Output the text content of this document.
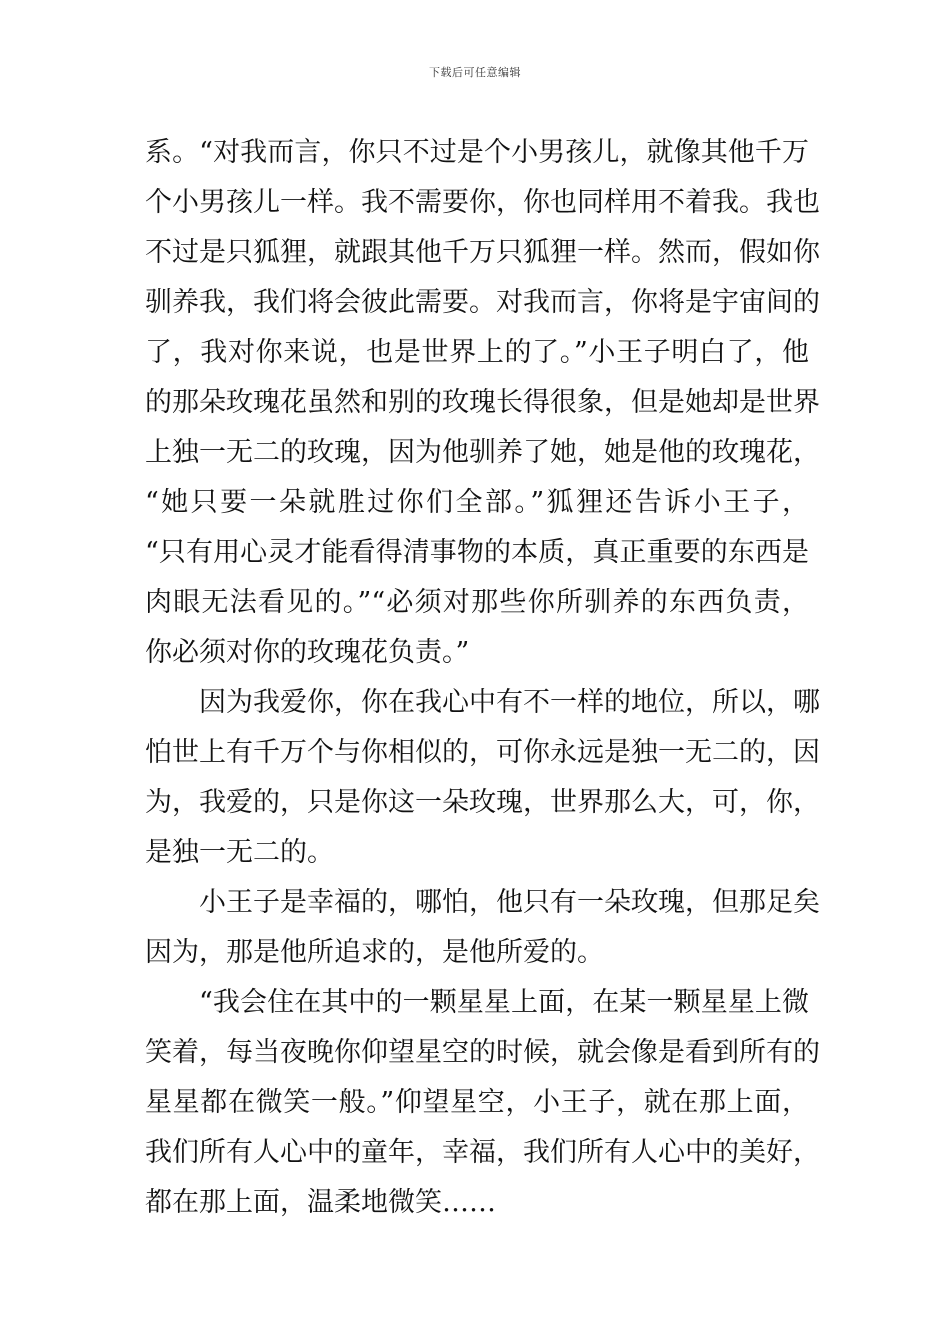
下载后可任意编辑
系。“对我而言，你只不过是个小男孩儿，就像其他千万
个小男孩儿一样。我不需要你，你也同样用不着我。我也
不过是只狐狸，就跟其他千万只狐狸一样。然而，假如你
驯养我，我们将会彼此需要。对我而言，你将是宇宙间的
了，我对你来说，也是世界上的了。”小王子明白了，他
的那朵玫瑰花虽然和别的玫瑰长得很象，但是她却是世界
上独一无二的玫瑰，因为他驯养了她，她是他的玫瑰花，
“她只要一朵就胜过你们全部。”狐狸还告诉小王子，
“只有用心灵才能看得清事物的本质，真正重要的东西是
肉眼无法看见的。”“必须对那些你所驯养的东西负责，
你必须对你的玫瑰花负责。”
因为我爱你，你在我心中有不一样的地位，所以，哪
怕世上有千万个与你相似的，可你永远是独一无二的，因
为，我爱的，只是你这一朵玫瑰，世界那么大，可，你，
是独一无二的。
小王子是幸福的，哪怕，他只有一朵玫瑰，但那足矣
因为，那是他所追求的，是他所爱的。
“我会住在其中的一颗星星上面，在某一颗星星上微
笑着，每当夜晚你仰望星空的时候，就会像是看到所有的
星星都在微笑一般。”仰望星空，小王子，就在那上面，
我们所有人心中的童年，幸福，我们所有人心中的美好，
都在那上面，温柔地微笑……
